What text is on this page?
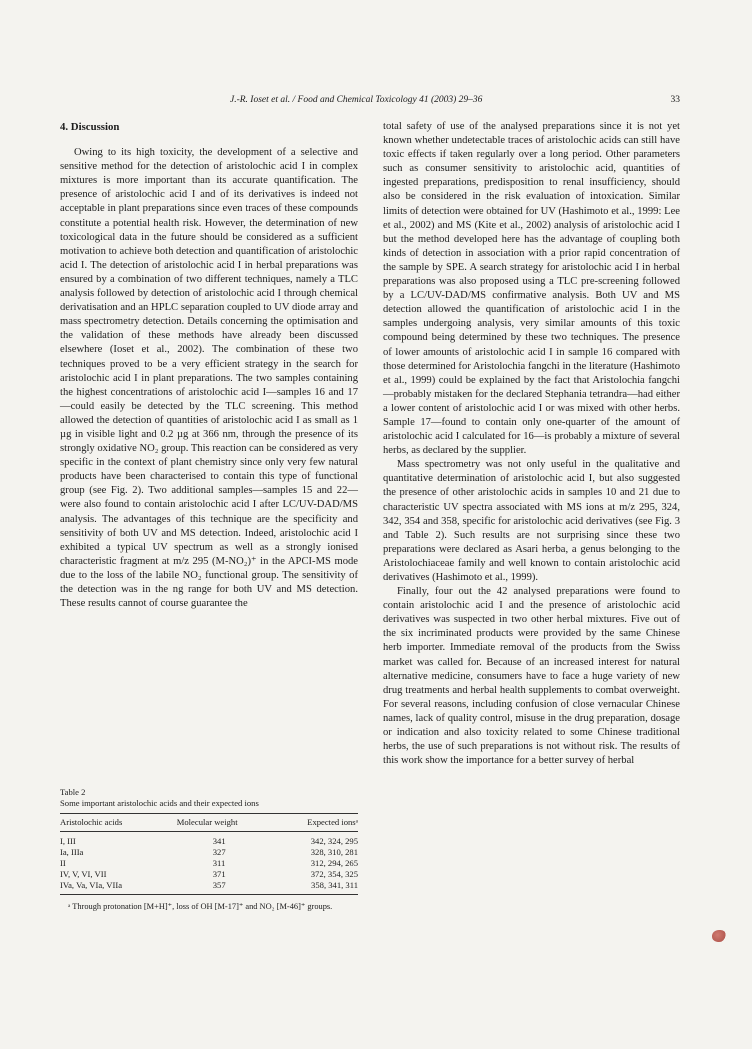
J.-R. Ioset et al. / Food and Chemical Toxicology 41 (2003) 29–36	33
4. Discussion

Owing to its high toxicity, the development of a selective and sensitive method for the detection of aristolochic acid I in complex mixtures is more important than its accurate quantification. The presence of aristolochic acid I and of its derivatives is indeed not acceptable in plant preparations since even traces of these compounds constitute a potential health risk. However, the determination of new toxicological data in the future should be considered as a sufficient motivation to achieve both detection and quantification of aristolochic acid I. The detection of aristolochic acid I in herbal preparations was ensured by a combination of two different techniques, namely a TLC analysis followed by detection of aristolochic acid I through chemical derivatisation and an HPLC separation coupled to UV diode array and mass spectrometry detection. Details concerning the optimisation and the validation of these methods have already been discussed elsewhere (Ioset et al., 2002). The combination of these two techniques proved to be a very efficient strategy in the search for aristolochic acid I in plant preparations. The two samples containing the highest concentrations of aristolochic acid I—samples 16 and 17—could easily be detected by the TLC screening. This method allowed the detection of quantities of aristolochic acid I as small as 1 µg in visible light and 0.2 µg at 366 nm, through the presence of its strongly oxidative NO₂ group. This reaction can be considered as very specific in the context of plant chemistry since only very few natural products have been characterised to contain this type of functional group (see Fig. 2). Two additional samples—samples 15 and 22—were also found to contain aristolochic acid I after LC/UV-DAD/MS analysis. The advantages of this technique are the specificity and sensitivity of both UV and MS detection. Indeed, aristolochic acid I exhibited a typical UV spectrum as well as a strongly ionised characteristic fragment at m/z 295 (M-NO₂)⁺ in the APCI-MS mode due to the loss of the labile NO₂ functional group. The sensitivity of the detection was in the ng range for both UV and MS detection. These results cannot of course guarantee the

total safety of use of the analysed preparations since it is not yet known whether undetectable traces of aristolochic acids can still have toxic effects if taken regularly over a long period. Other parameters such as consumer sensitivity to aristolochic acid, quantities of ingested preparations, predisposition to renal insufficiency, should also be considered in the risk evaluation of intoxication. Similar limits of detection were obtained for UV (Hashimoto et al., 1999: Lee et al., 2002) and MS (Kite et al., 2002) analysis of aristolochic acid I but the method developed here has the advantage of coupling both kinds of detection in association with a prior rapid concentration of the sample by SPE. A search strategy for aristolochic acid I in herbal preparations was also proposed using a TLC pre-screening followed by a LC/UV-DAD/MS confirmative analysis. Both UV and MS detection allowed the quantification of aristolochic acid I in the samples undergoing analysis, very similar amounts of this toxic compound being determined by these two techniques. The presence of lower amounts of aristolochic acid I in sample 16 compared with those determined for Aristolochia fangchi in the literature (Hashimoto et al., 1999) could be explained by the fact that Aristolochia fangchi—probably mistaken for the declared Stephania tetrandra—had either a lower content of aristolochic acid I or was mixed with other herbs. Sample 17—found to contain only one-quarter of the amount of aristolochic acid I calculated for 16—is probably a mixture of several herbs, as declared by the supplier.

Mass spectrometry was not only useful in the qualitative and quantitative determination of aristolochic acid I, but also suggested the presence of other aristolochic acids in samples 10 and 21 due to characteristic UV spectra associated with MS ions at m/z 295, 324, 342, 354 and 358, specific for aristolochic acid derivatives (see Fig. 3 and Table 2). Such results are not surprising since these two preparations were declared as Asari herba, a genus belonging to the Aristolochiaceae family and well known to contain aristolochic acid derivatives (Hashimoto et al., 1999).

Finally, four out the 42 analysed preparations were found to contain aristolochic acid I and the presence of aristolochic acid derivatives was suspected in two other herbal mixtures. Five out of the six incriminated products were provided by the same Chinese herb importer. Immediate removal of the products from the Swiss market was called for. Because of an increased interest for natural alternative medicine, consumers have to face a huge variety of new drug treatments and herbal health supplements to combat overweight. For several reasons, including confusion of close vernacular Chinese names, lack of quality control, misuse in the drug preparation, dosage or indication and also toxicity related to some Chinese traditional herbs, the use of such preparations is not without risk. The results of this work show the importance for a better survey of herbal

Table 2
Some important aristolochic acids and their expected ions
Aristolochic acids	Molecular weight	Expected ionsᵃ
I, III	341	342, 324, 295
Ia, IIIa	327	328, 310, 281
II	311	312, 294, 265
IV, V, VI, VII	371	372, 354, 325
IVa, Va, VIa, VIIa	357	358, 341, 311
ᵃ Through protonation [M+H]⁺, loss of OH [M-17]⁺ and NO₂ [M-46]⁺ groups.
